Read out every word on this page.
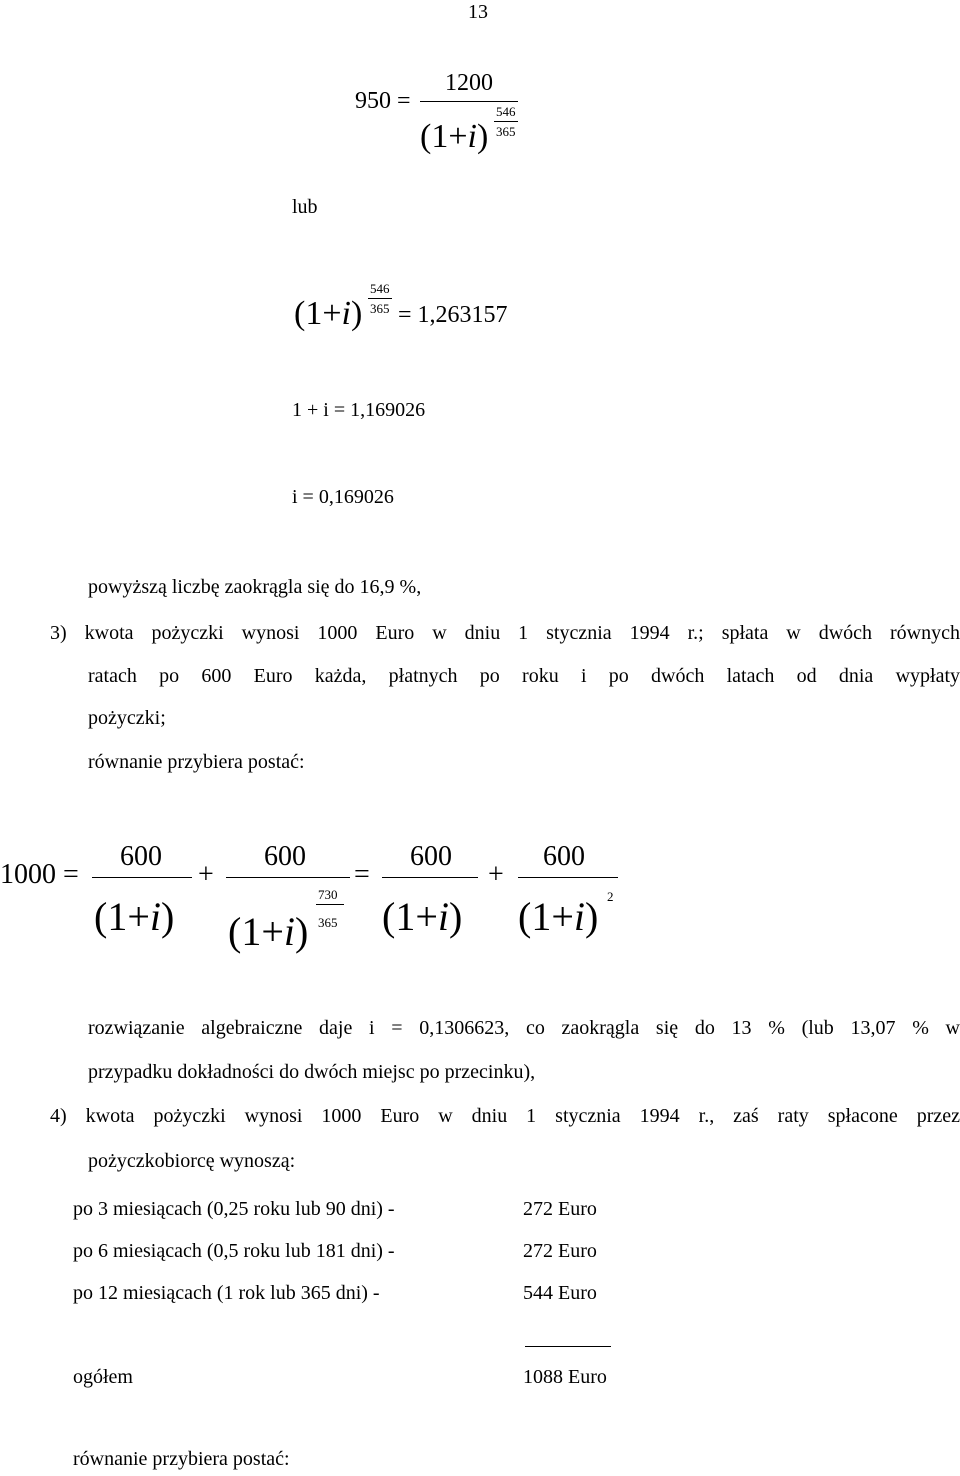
13
950 =
1200
(1+i)
546
365
lub
(1+i)
546
365 = 1,263157
1 + i = 1,169026
i = 0,169026
powyższą liczbę zaokrągla się do 16,9 %,
3) kwota pożyczki wynosi 1000 Euro w dniu 1 stycznia 1994 r.; spłata w dwóch równych
ratach po 600 Euro każda, płatnych po roku i po dwóch latach od dnia wypłaty
pożyczki;
równanie przybiera postać:
1000 =
600
(1+i)
+
600
(1+i)
730
365
=
600
(1+i)
+
600
(1+i) 2
rozwiązanie algebraiczne daje i = 0,1306623, co zaokrągla się do 13 % (lub 13,07 % w
przypadku dokładności do dwóch miejsc po przecinku),
4) kwota pożyczki wynosi 1000 Euro w dniu 1 stycznia 1994 r., zaś raty spłacone przez
pożyczkobiorcę wynoszą:
po 3 miesiącach (0,25 roku lub 90 dni) -	272 Euro
po 6 miesiącach (0,5 roku lub 181 dni) -	272 Euro
po 12 miesiącach (1 rok lub 365 dni) -	544 Euro
ogółem	1088 Euro
równanie przybiera postać:
